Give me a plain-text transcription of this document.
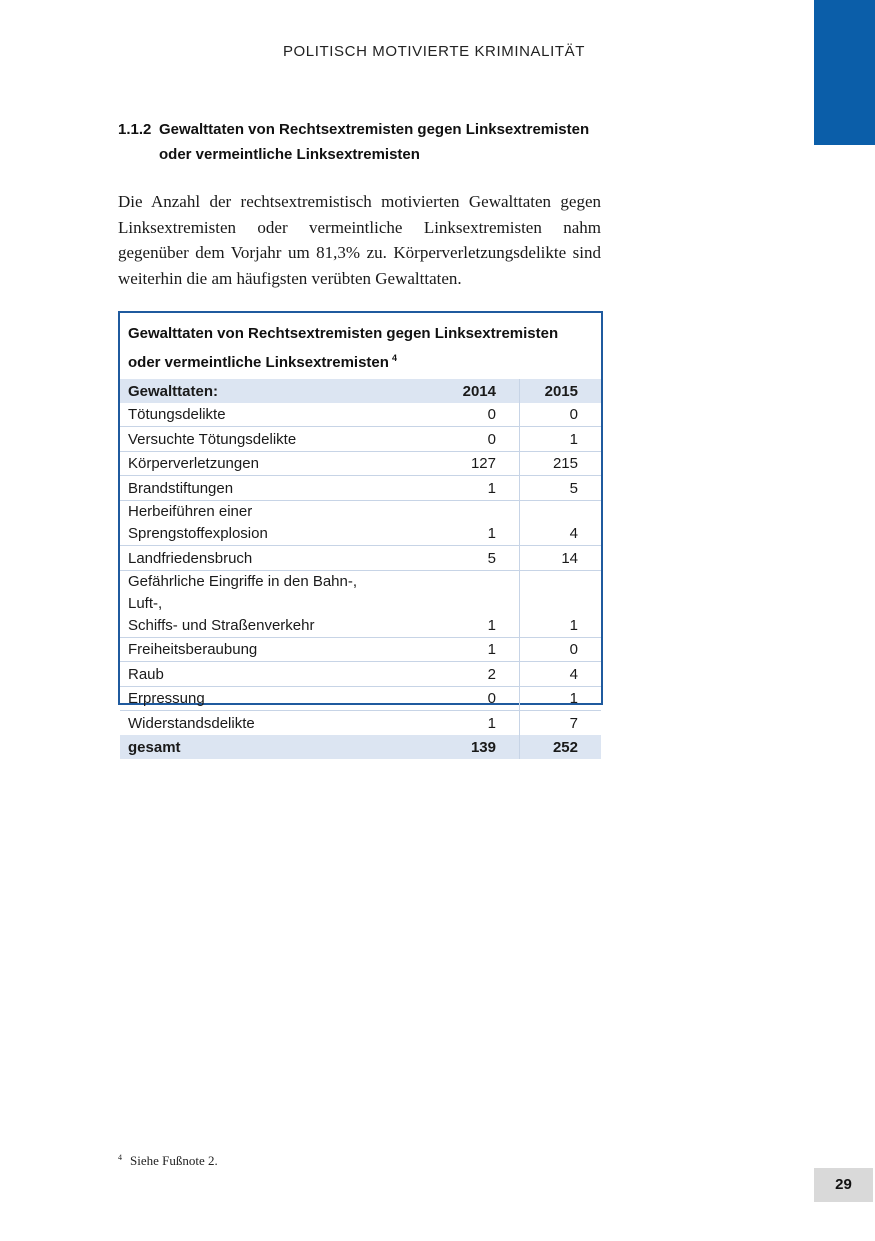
POLITISCH MOTIVIERTE KRIMINALITÄT
1.1.2 Gewalttaten von Rechtsextremisten gegen Linksextremisten
oder vermeintliche Linksextremisten

Die Anzahl der rechtsextremistisch motivierten Gewalttaten gegen Linksextremisten oder vermeintliche Linksextremisten nahm gegenüber dem Vorjahr um 81,3% zu. Körperverletzungsdelikte sind weiterhin die am häufigsten verübten Gewalttaten.

Gewalttaten von Rechtsextremisten gegen Linksextremisten
oder vermeintliche Linksextremisten $^4$
Gewalttaten:	2014	2015
Tötungsdelikte	0	0
Versuchte Tötungsdelikte	0	1
Körperverletzungen	127	215
Brandstiftungen	1	5
Herbeiführen einer Sprengstoffexplosion	1	4
Landfriedensbruch	5	14

Gefährliche Eingriffe in den Bahn-, Luft-,
Schiffs- und Straßenverkehr	1	1
Freiheitsberaubung	1	0
Raub	2	4
Erpressung	0	1
Widerstandsdelikte	1	7
gesamt	139	252
$^4$ Siehe Fußnote 2.
29
